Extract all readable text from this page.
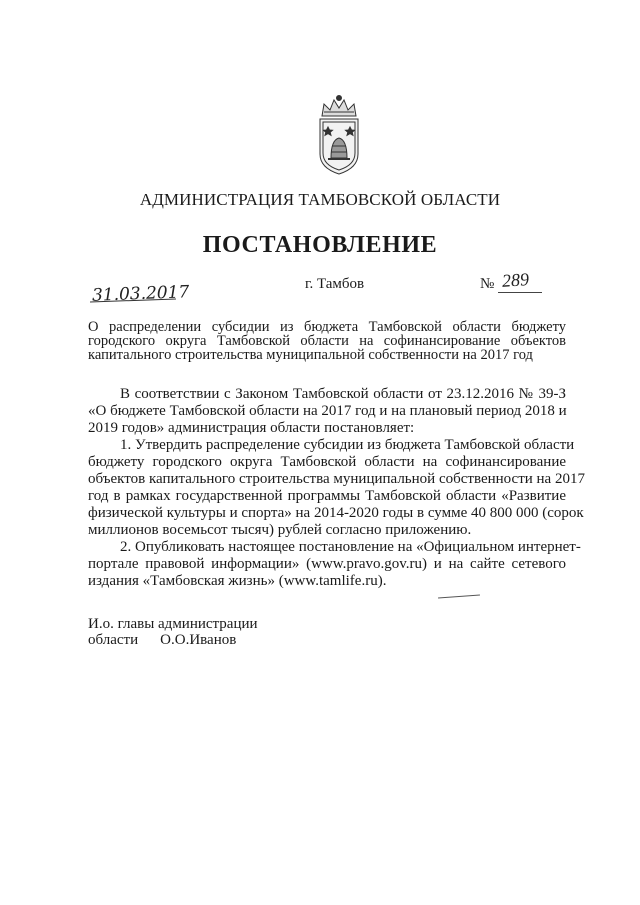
АДМИНИСТРАЦИЯ ТАМБОВСКОЙ ОБЛАСТИ
ПОСТАНОВЛЕНИЕ
31.03.2017	г. Тамбов	№ 289
О распределении субсидии из бюджета Тамбовской области бюджету
городского округа Тамбовской области на софинансирование объектов
капитального строительства муниципальной собственности на 2017 год
В соответствии с Законом Тамбовской области от 23.12.2016 № 39-З
«О бюджете Тамбовской области на 2017 год и на плановый период 2018 и
2019 годов» администрация области постановляет:
1. Утвердить распределение субсидии из бюджета Тамбовской области
бюджету городского округа Тамбовской области на софинансирование
объектов капитального строительства муниципальной собственности на 2017
год в рамках государственной программы Тамбовской области «Развитие
физической культуры и спорта» на 2014-2020 годы в сумме 40 800 000 (сорок
миллионов восемьсот тысяч) рублей согласно приложению.
2. Опубликовать настоящее постановление на «Официальном интернет-
портале правовой информации» (www.pravo.gov.ru) и на сайте сетевого
издания «Тамбовская жизнь» (www.tamlife.ru).
И.о. главы администрации
области О.О.Иванов
